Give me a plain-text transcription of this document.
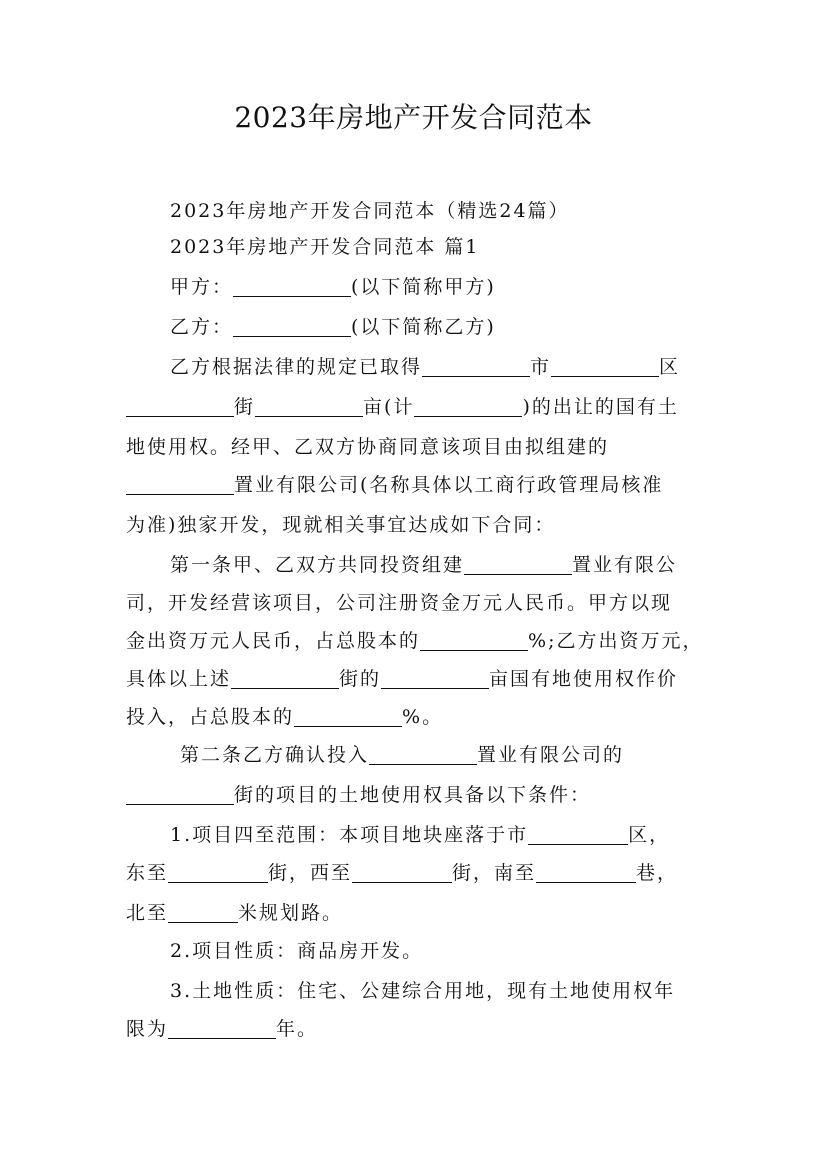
2023年房地产开发合同范本
2023年房地产开发合同范本（精选24篇）
2023年房地产开发合同范本 篇1
甲方：	(以下简称甲方)
乙方：	(以下简称乙方)
乙方根据法律的规定已取得	市	区
街	亩(计	)的出让的国有土
地使用权。经甲、乙双方协商同意该项目由拟组建的
置业有限公司(名称具体以工商行政管理局核准
为准)独家开发，现就相关事宜达成如下合同：
第一条甲、乙双方共同投资组建	置业有限公
司，开发经营该项目，公司注册资金万元人民币。甲方以现
金出资万元人民币，占总股本的	%;乙方出资万元，
具体以上述	街的	亩国有地使用权作价
投入，占总股本的	%。
第二条乙方确认投入	置业有限公司的
街的项目的土地使用权具备以下条件：
1.项目四至范围：本项目地块座落于市	区，
东至	街，西至	街，南至	巷，
北至	米规划路。
2.项目性质：商品房开发。
3.土地性质：住宅、公建综合用地，现有土地使用权年
限为	年。
